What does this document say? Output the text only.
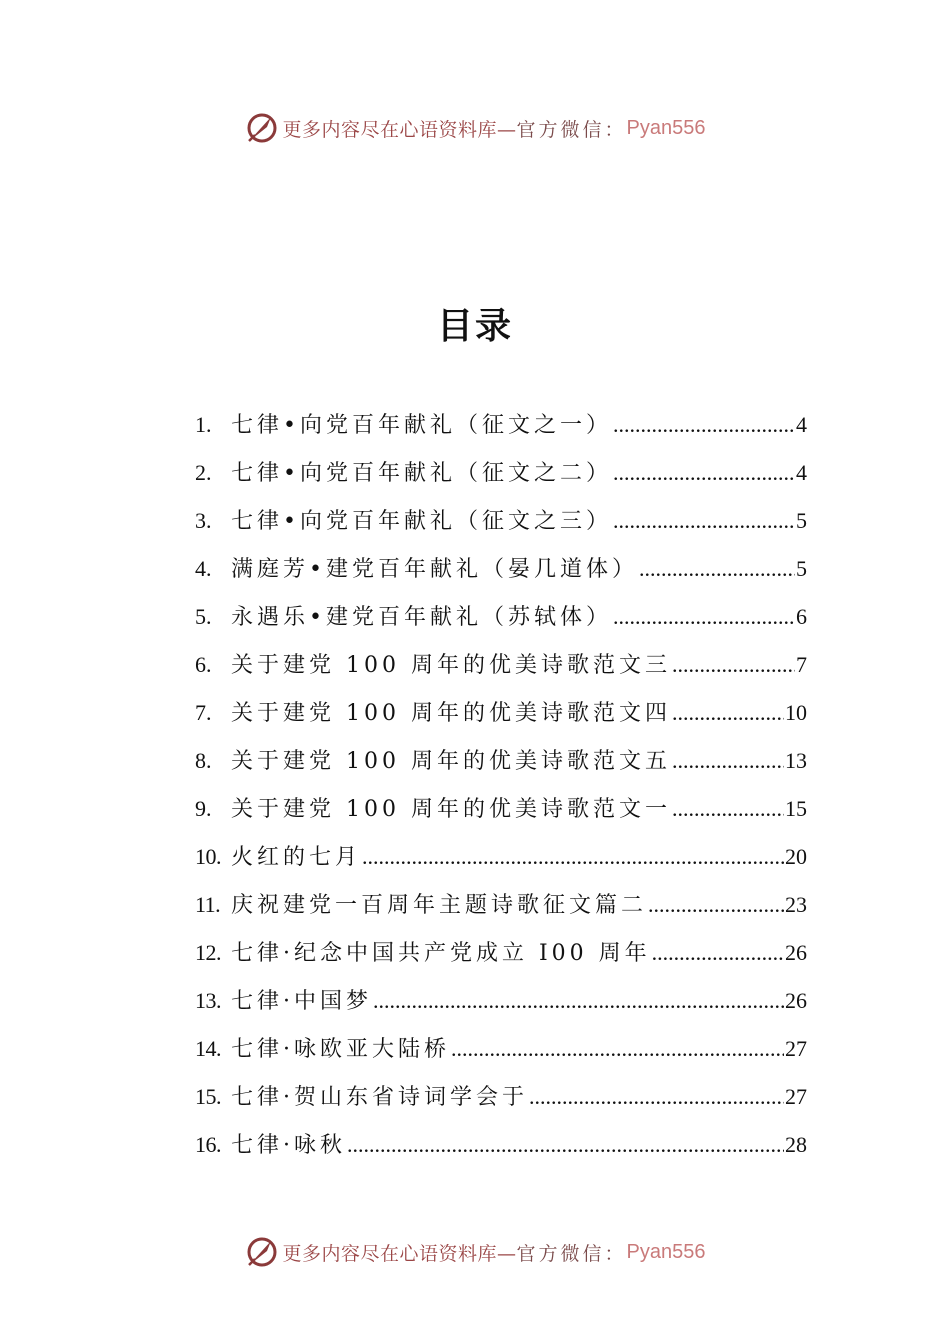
更多内容尽在心语资料库— 官方微信： Pyan556
目录
1. 七律•向党百年献礼（征文之一） .....	4
2. 七律•向党百年献礼（征文之二） .....	4
3. 七律•向党百年献礼（征文之三） .....	5
4. 满庭芳•建党百年献礼（晏几道体） .....	5
5. 永遇乐•建党百年献礼（苏轼体） .....	6
6. 关于建党 100 周年的优美诗歌范文三 .....	7
7. 关于建党 100 周年的优美诗歌范文四 .....	10
8. 关于建党 100 周年的优美诗歌范文五 .....	13
9. 关于建党 100 周年的优美诗歌范文一 .....	15
10. 火红的七月 .....	20
11. 庆祝建党一百周年主题诗歌征文篇二 .....	23
12. 七律·纪念中国共产党成立 I00 周年 .....	26
13. 七律·中国梦 .....	26
14. 七律·咏欧亚大陆桥 .....	27
15. 七律·贺山东省诗词学会于 .....	27
16. 七律·咏秋 .....	28
更多内容尽在心语资料库— 官方微信： Pyan556
